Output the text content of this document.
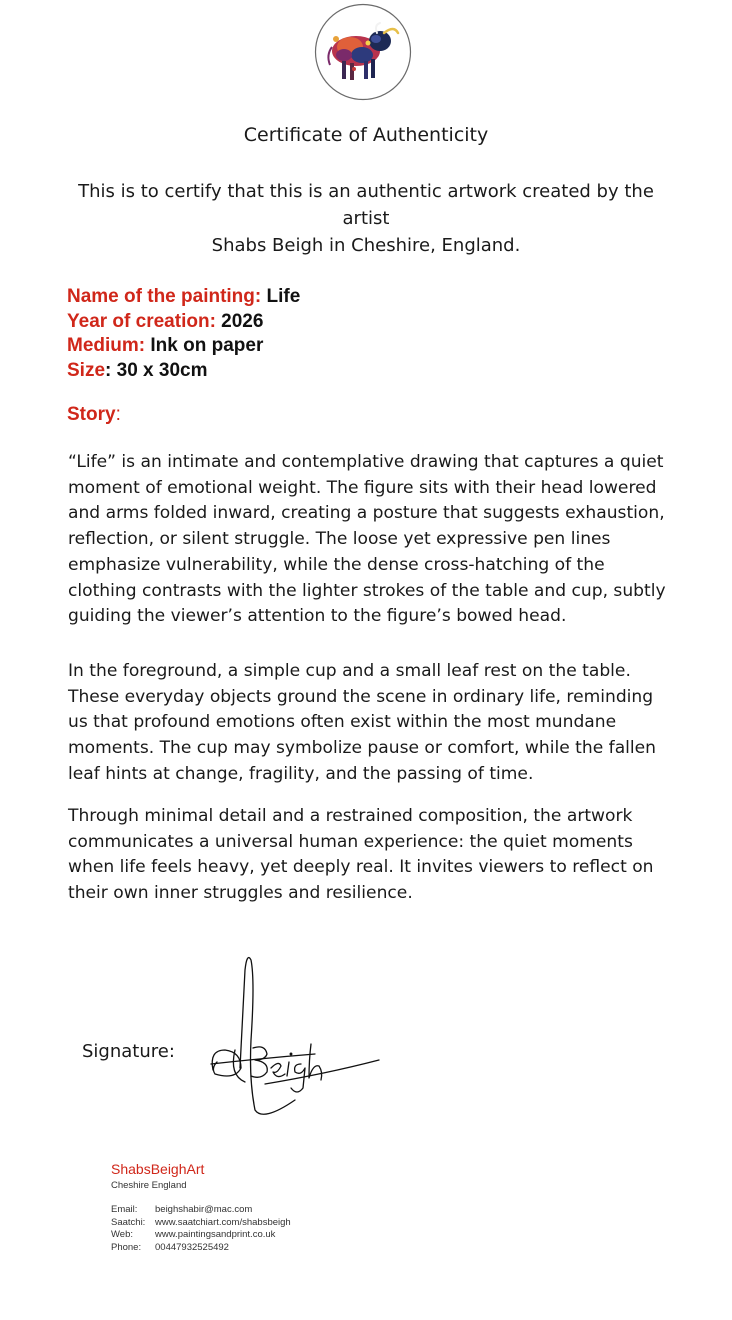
Certificate of Authenticity
This is to certify that this is an authentic artwork created by the artist
Shabs Beigh in Cheshire, England.
Name of the painting: Life
Year of creation: 2026
Medium: Ink on paper
Size: 30 x 30cm
Story:

“Life” is an intimate and contemplative drawing that captures a quiet moment of emotional weight. The figure sits with their head lowered and arms folded inward, creating a posture that suggests exhaustion, reflection, or silent struggle. The loose yet expressive pen lines emphasize vulnerability, while the dense cross-hatching of the clothing contrasts with the lighter strokes of the table and cup, subtly guiding the viewer’s attention to the figure’s bowed head.

In the foreground, a simple cup and a small leaf rest on the table. These everyday objects ground the scene in ordinary life, reminding us that profound emotions often exist within the most mundane moments. The cup may symbolize pause or comfort, while the fallen leaf hints at change, fragility, and the passing of time.

Through minimal detail and a restrained composition, the artwork communicates a universal human experience: the quiet moments when life feels heavy, yet deeply real. It invites viewers to reflect on their own inner struggles and resilience.

Signature:
ShabsBeighArt
Cheshire England
Email: beighshabir@mac.com
Saatchi: www.saatchiart.com/shabsbeigh
Web: www.paintingsandprint.co.uk
Phone: 00447932525492
